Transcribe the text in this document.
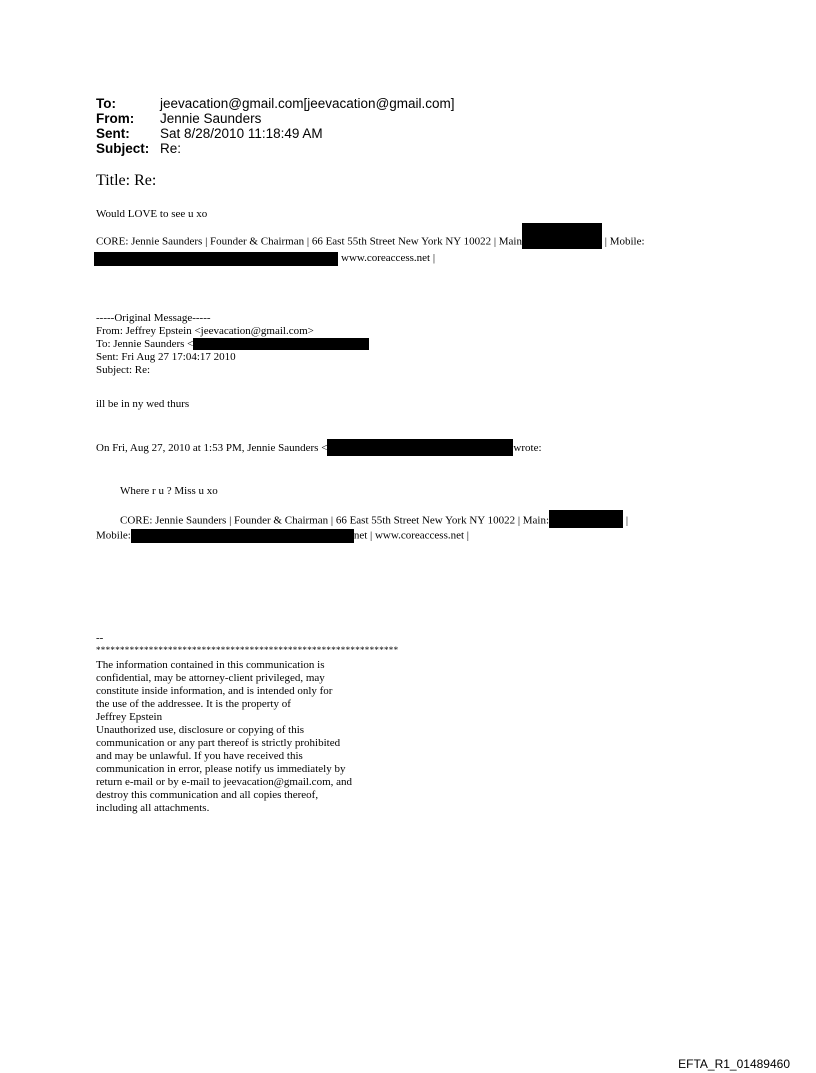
To:	jeevacation@gmail.com[jeevacation@gmail.com]
From:	Jennie Saunders
Sent:	Sat 8/28/2010 11:18:49 AM
Subject: Re:
Title: Re:
Would LOVE to see u xo
CORE: Jennie Saunders | Founder & Chairman | 66 East 55th Street New York NY 10022 | Main	| Mobile:
www.coreaccess.net |
-----Original Message-----
From: Jeffrey Epstein <jeevacation@gmail.com>
To: Jennie Saunders <
Sent: Fri Aug 27 17:04:17 2010
Subject: Re:
ill be in ny wed thurs
On Fri, Aug 27, 2010 at 1:53 PM, Jennie Saunders <	wrote:
Where r u ? Miss u xo
CORE: Jennie Saunders | Founder & Chairman | 66 East 55th Street New York NY 10022 | Main:	|
Mobile:	net | www.coreaccess.net |
--
***************************************************************
The information contained in this communication is
confidential, may be attorney-client privileged, may
constitute inside information, and is intended only for
the use of the addressee. It is the property of
Jeffrey Epstein
Unauthorized use, disclosure or copying of this
communication or any part thereof is strictly prohibited
and may be unlawful. If you have received this
communication in error, please notify us immediately by
return e-mail or by e-mail to jeevacation@gmail.com, and
destroy this communication and all copies thereof,
including all attachments.
EFTA_R1_01489460
